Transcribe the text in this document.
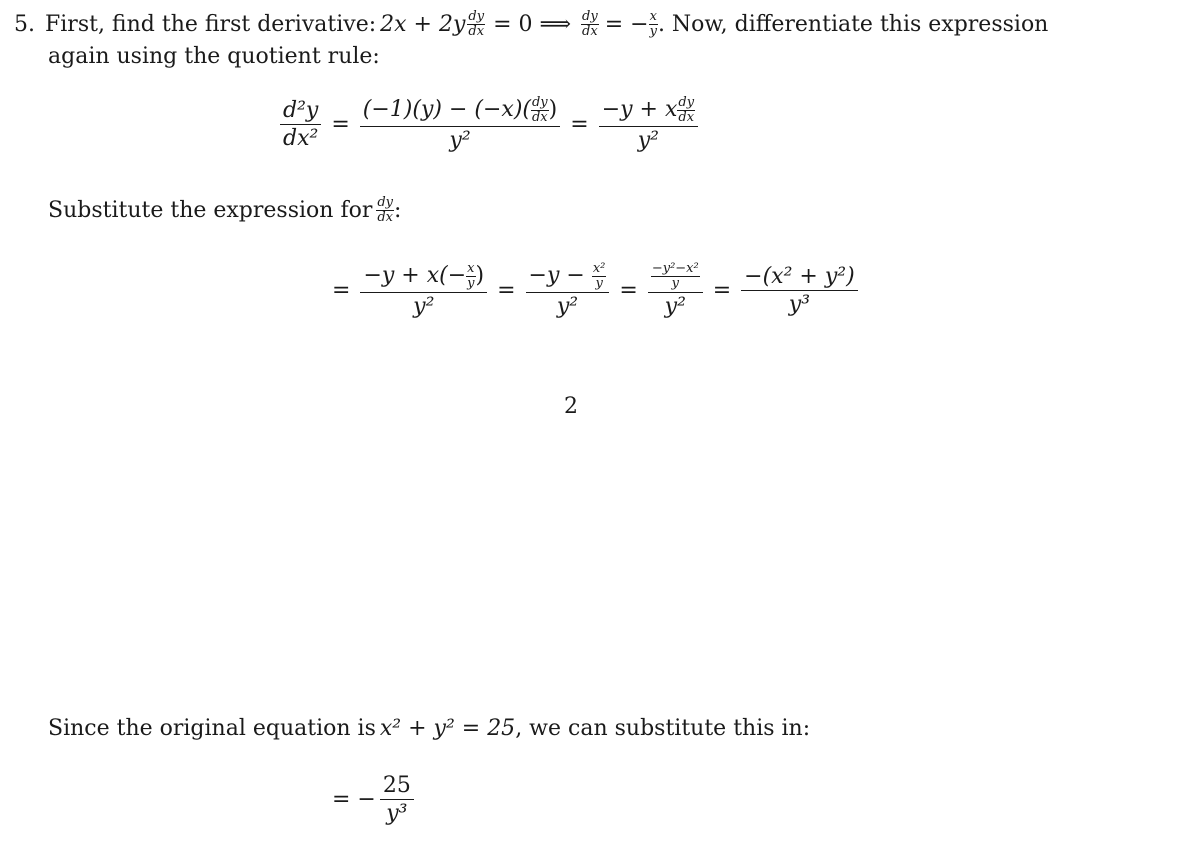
5. First, find the first derivative: $2x + 2y \frac{dy}{dx} = 0$ ⟹ $\frac{dy}{dx}$ = − $\frac{x}{y}$ . Now, differentiate this expression
again using the quotient rule:
$\frac{\text{d²y}}{\text{dx²}} = \frac{(-1)(y) - (-x)( \frac{dy}{dx} )}{\text{y²}} = \frac{-y + x \frac{dy}{dx}}{\text{y²}}$
Substitute the expression for $\frac{dy}{dx}$ :
= $\frac{-y + x(- \frac{x}{y} )}{\text{y²}} = \frac{-y - \frac{\text{x²}}{y}}{\text{y²}} = \frac{\frac{\text{−y²−x²}}{y}}{\text{y²}} = \frac{\text{−(x² + y²)}}{\text{y³}}$
2
Since the original equation is x² + y² = 25 , we can substitute this in:
= − $\frac{25}{\text{y³}}$
